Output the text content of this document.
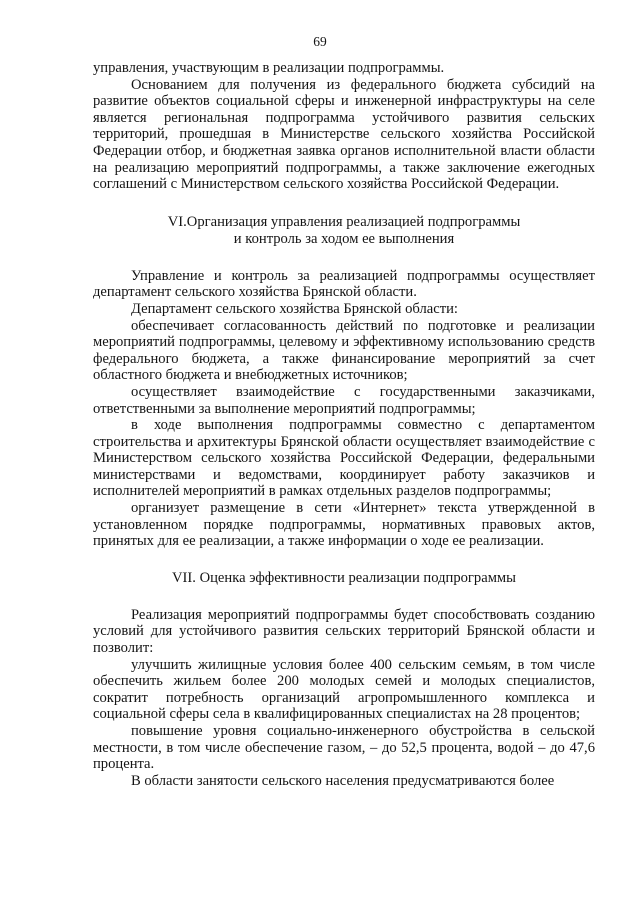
69

управления, участвующим в реализации подпрограммы.

Основанием для получения из федерального бюджета субсидий на развитие объектов социальной сферы и инженерной инфраструктуры на селе является региональная подпрограмма устойчивого развития сельских территорий, прошедшая в Министерстве сельского хозяйства Российской Федерации отбор, и бюджетная заявка органов исполнительной власти области на реализацию мероприятий подпрограммы, а также заключение ежегодных соглашений с Министерством сельского хозяйства Российской Федерации.

VI.Организация управления реализацией подпрограммы

и контроль за ходом ее выполнения

Управление и контроль за реализацией подпрограммы осуществляет департамент сельского хозяйства Брянской области.

Департамент сельского хозяйства Брянской области:

обеспечивает согласованность действий по подготовке и реализации мероприятий подпрограммы, целевому и эффективному использованию средств федерального бюджета, а также финансирование мероприятий за счет областного бюджета и внебюджетных источников;

осуществляет взаимодействие с государственными заказчиками, ответственными за выполнение мероприятий подпрограммы;

в ходе выполнения подпрограммы совместно с департаментом строительства и архитектуры Брянской области осуществляет взаимодействие с Министерством сельского хозяйства Российской Федерации, федеральными министерствами и ведомствами, координирует работу заказчиков и исполнителей мероприятий в рамках отдельных разделов подпрограммы;

организует размещение в сети «Интернет» текста утвержденной в установленном порядке подпрограммы, нормативных правовых актов, принятых для ее реализации, а также информации о ходе ее реализации.

VII. Оценка эффективности реализации подпрограммы

Реализация мероприятий подпрограммы будет способствовать созданию условий для устойчивого развития сельских территорий Брянской области и позволит:

улучшить жилищные условия более 400 сельским семьям, в том числе обеспечить жильем более 200 молодых семей и молодых специалистов, сократит потребность организаций агропромышленного комплекса и социальной сферы села в квалифицированных специалистах на 28 процентов;

повышение уровня социально-инженерного обустройства в сельской местности, в том числе обеспечение газом, – до 52,5 процента, водой – до 47,6 процента.

В области занятости сельского населения предусматриваются более
